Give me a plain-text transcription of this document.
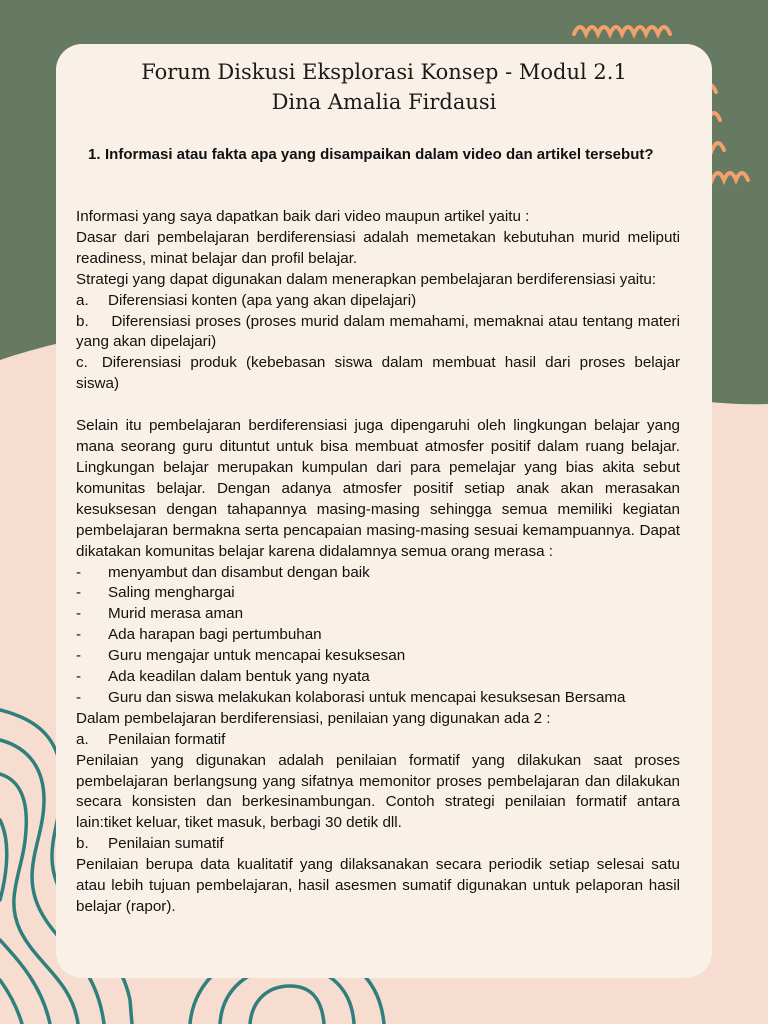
Forum Diskusi Eksplorasi Konsep - Modul 2.1
Dina Amalia Firdausi
1. Informasi atau fakta apa yang disampaikan dalam video dan artikel tersebut?

Informasi yang saya dapatkan baik dari video maupun artikel yaitu :

Dasar dari pembelajaran berdiferensiasi adalah memetakan kebutuhan murid meliputi readiness, minat belajar dan profil belajar.

Strategi yang dapat digunakan dalam menerapkan pembelajaran berdiferensiasi yaitu:

a. Diferensiasi konten (apa yang akan dipelajari)

b. Diferensiasi proses (proses murid dalam memahami, memaknai atau tentang materi yang akan dipelajari)

c. Diferensiasi produk (kebebasan siswa dalam membuat hasil dari proses belajar siswa)

Selain itu pembelajaran berdiferensiasi juga dipengaruhi oleh lingkungan belajar yang mana seorang guru dituntut untuk bisa membuat atmosfer positif dalam ruang belajar. Lingkungan belajar merupakan kumpulan dari para pemelajar yang bias akita sebut komunitas belajar. Dengan adanya atmosfer positif setiap anak akan merasakan kesuksesan dengan tahapannya masing-masing sehingga semua memiliki kegiatan pembelajaran bermakna serta pencapaian masing-masing sesuai kemampuannya. Dapat dikatakan komunitas belajar karena didalamnya semua orang merasa :

- menyambut dan disambut dengan baik

- Saling menghargai

- Murid merasa aman

- Ada harapan bagi pertumbuhan

- Guru mengajar untuk mencapai kesuksesan

- Ada keadilan dalam bentuk yang nyata

- Guru dan siswa melakukan kolaborasi untuk mencapai kesuksesan Bersama

Dalam pembelajaran berdiferensiasi, penilaian yang digunakan ada 2 :

a. Penilaian formatif

Penilaian yang digunakan adalah penilaian formatif yang dilakukan saat proses pembelajaran berlangsung yang sifatnya memonitor proses pembelajaran dan dilakukan secara konsisten dan berkesinambungan. Contoh strategi penilaian formatif antara lain:tiket keluar, tiket masuk, berbagi 30 detik dll.

b. Penilaian sumatif

Penilaian berupa data kualitatif yang dilaksanakan secara periodik setiap selesai satu atau lebih tujuan pembelajaran, hasil asesmen sumatif digunakan untuk pelaporan hasil belajar (rapor).
